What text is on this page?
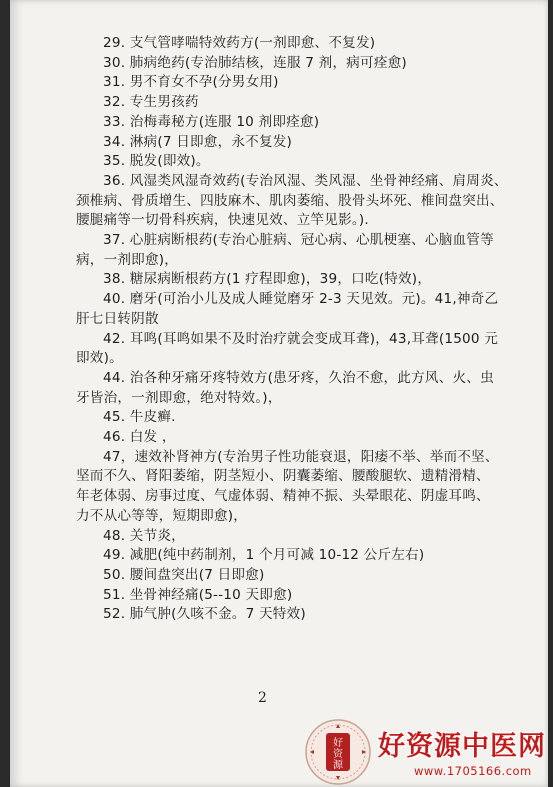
29. 支气管哮喘特效药方(一剂即愈、不复发)
30. 肺病绝药(专治肺结核，连服 7 剂，病可痊愈)
31. 男不育女不孕(分男女用)
32. 专生男孩药
33. 治梅毒秘方(连服 10 剂即痊愈)
34. 淋病(7 日即愈，永不复发)
35. 脱发(即效)。
36. 风湿类风湿奇效药(专治风湿、类风湿、坐骨神经痛、肩周炎、
颈椎病、骨质增生、四肢麻木、肌肉萎缩、股骨头坏死、椎间盘突出、
腰腿痛等一切骨科疾病，快速见效、立竿见影。).
37. 心脏病断根药(专治心脏病、冠心病、心肌梗塞、心脑血管等
病，一剂即愈)，
38. 糖尿病断根药方(1 疗程即愈)，39，口吃(特效)，
40. 磨牙(可治小儿及成人睡觉磨牙 2-3 天见效。元)。41,神奇乙
肝七日转阴散
42. 耳鸣(耳鸣如果不及时治疗就会变成耳聋)，43,耳聋(1500 元
即效)。
44. 治各种牙痛牙疼特效方(患牙疼，久治不愈，此方风、火、虫
牙皆治，一剂即愈，绝对特效。)，
45. 牛皮癣.
46. 白发 ，
47，速效补肾神方(专治男子性功能衰退，阳痿不举、举而不坚、
坚而不久、肾阳萎缩，阴茎短小、阴囊萎缩、腰酸腿软、遗精滑精、
年老体弱、房事过度、气虚体弱、精神不振、头晕眼花、阴虚耳鸣、
力不从心等等，短期即愈)，
48. 关节炎，
49. 减肥(纯中药制剂，1 个月可减 10-12 公斤左右)
50. 腰间盘突出(7 日即愈)
51. 坐骨神经痛(5--10 天即愈)
52. 肺气肿(久咳不金。7 天特效)
2
好
资
源
好资源中医网
www.1705166.com
